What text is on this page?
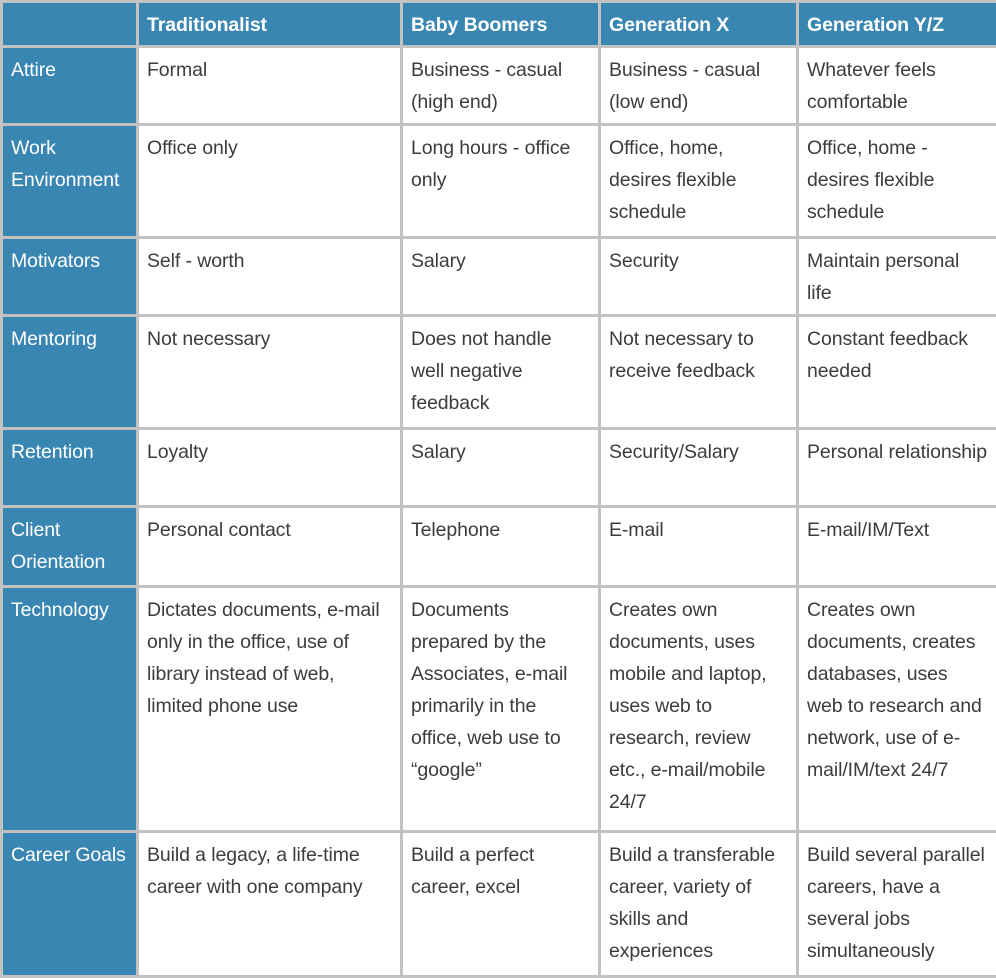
	Traditionalist	Baby Boomers	Generation X	Generation Y/Z
Attire	Formal	Business - casual (high end)	Business - casual (low end)	Whatever feels comfortable
Work Environment	Office only	Long hours - office only	Office, home, desires flexible schedule	Office, home - desires flexible schedule
Motivators	Self - worth	Salary	Security	Maintain personal life
Mentoring	Not necessary	Does not handle well negative feedback	Not necessary to receive feedback	Constant feedback needed
Retention	Loyalty	Salary	Security/Salary	Personal relationship
Client Orientation	Personal contact	Telephone	E-mail	E-mail/IM/Text
Technology	Dictates documents, e-mail only in the office, use of library instead of web, limited phone use	Documents prepared by the Associates, e-mail primarily in the office, web use to “google”	Creates own documents, uses mobile and laptop, uses web to research, review etc., e-mail/mobile 24/7	Creates own documents, creates databases, uses web to research and network, use of e-mail/IM/text 24/7
Career Goals	Build a legacy, a life-time career with one company	Build a perfect career, excel	Build a transferable career, variety of skills and experiences	Build several parallel careers, have a several jobs simultaneously
